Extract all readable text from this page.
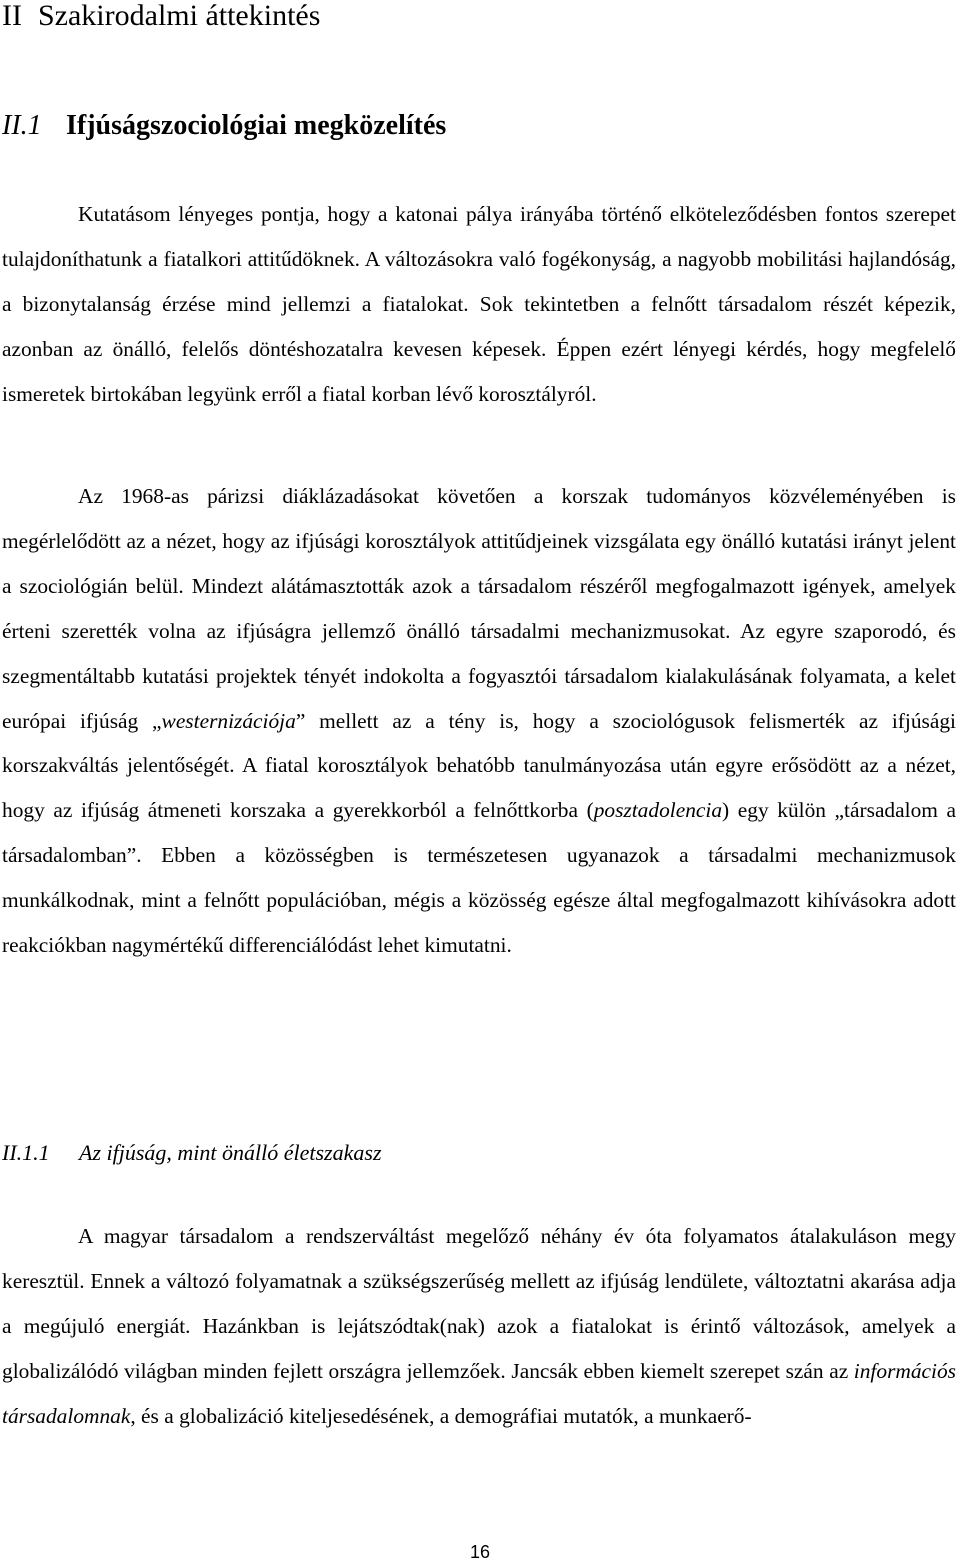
II Szakirodalmi áttekintés
II.1 Ifjúságszociológiai megközelítés

Kutatásom lényeges pontja, hogy a katonai pálya irányába történő elköteleződésben fontos szerepet tulajdoníthatunk a fiatalkori attitűdöknek. A változásokra való fogékonyság, a nagyobb mobilitási hajlandóság, a bizonytalanság érzése mind jellemzi a fiatalokat. Sok tekintetben a felnőtt társadalom részét képezik, azonban az önálló, felelős döntéshozatalra kevesen képesek. Éppen ezért lényegi kérdés, hogy megfelelő ismeretek birtokában legyünk erről a fiatal korban lévő korosztályról.

Az 1968-as párizsi diáklázadásokat követően a korszak tudományos közvéleményében is megérlelődött az a nézet, hogy az ifjúsági korosztályok attitűdjeinek vizsgálata egy önálló kutatási irányt jelent a szociológián belül. Mindezt alátámasztották azok a társadalom részéről megfogalmazott igények, amelyek érteni szerették volna az ifjúságra jellemző önálló társadalmi mechanizmusokat. Az egyre szaporodó, és szegmentáltabb kutatási projektek tényét indokolta a fogyasztói társadalom kialakulásának folyamata, a kelet európai ifjúság „westernizációja” mellett az a tény is, hogy a szociológusok felismerték az ifjúsági korszakváltás jelentőségét. A fiatal korosztályok behatóbb tanulmányozása után egyre erősödött az a nézet, hogy az ifjúság átmeneti korszaka a gyerekkorból a felnőttkorba (posztadolencia) egy külön „társadalom a társadalomban”. Ebben a közösségben is természetesen ugyanazok a társadalmi mechanizmusok munkálkodnak, mint a felnőtt populációban, mégis a közösség egésze által megfogalmazott kihívásokra adott reakciókban nagymértékű differenciálódást lehet kimutatni.

II.1.1 Az ifjúság, mint önálló életszakasz

A magyar társadalom a rendszerváltást megelőző néhány év óta folyamatos átalakuláson megy keresztül. Ennek a változó folyamatnak a szükségszerűség mellett az ifjúság lendülete, változtatni akarása adja a megújuló energiát. Hazánkban is lejátszódtak(nak) azok a fiatalokat is érintő változások, amelyek a globalizálódó világban minden fejlett országra jellemzőek. Jancsák ebben kiemelt szerepet szán az információs társadalomnak, és a globalizáció kiteljesedésének, a demográfiai mutatók, a munkaerő-

16
